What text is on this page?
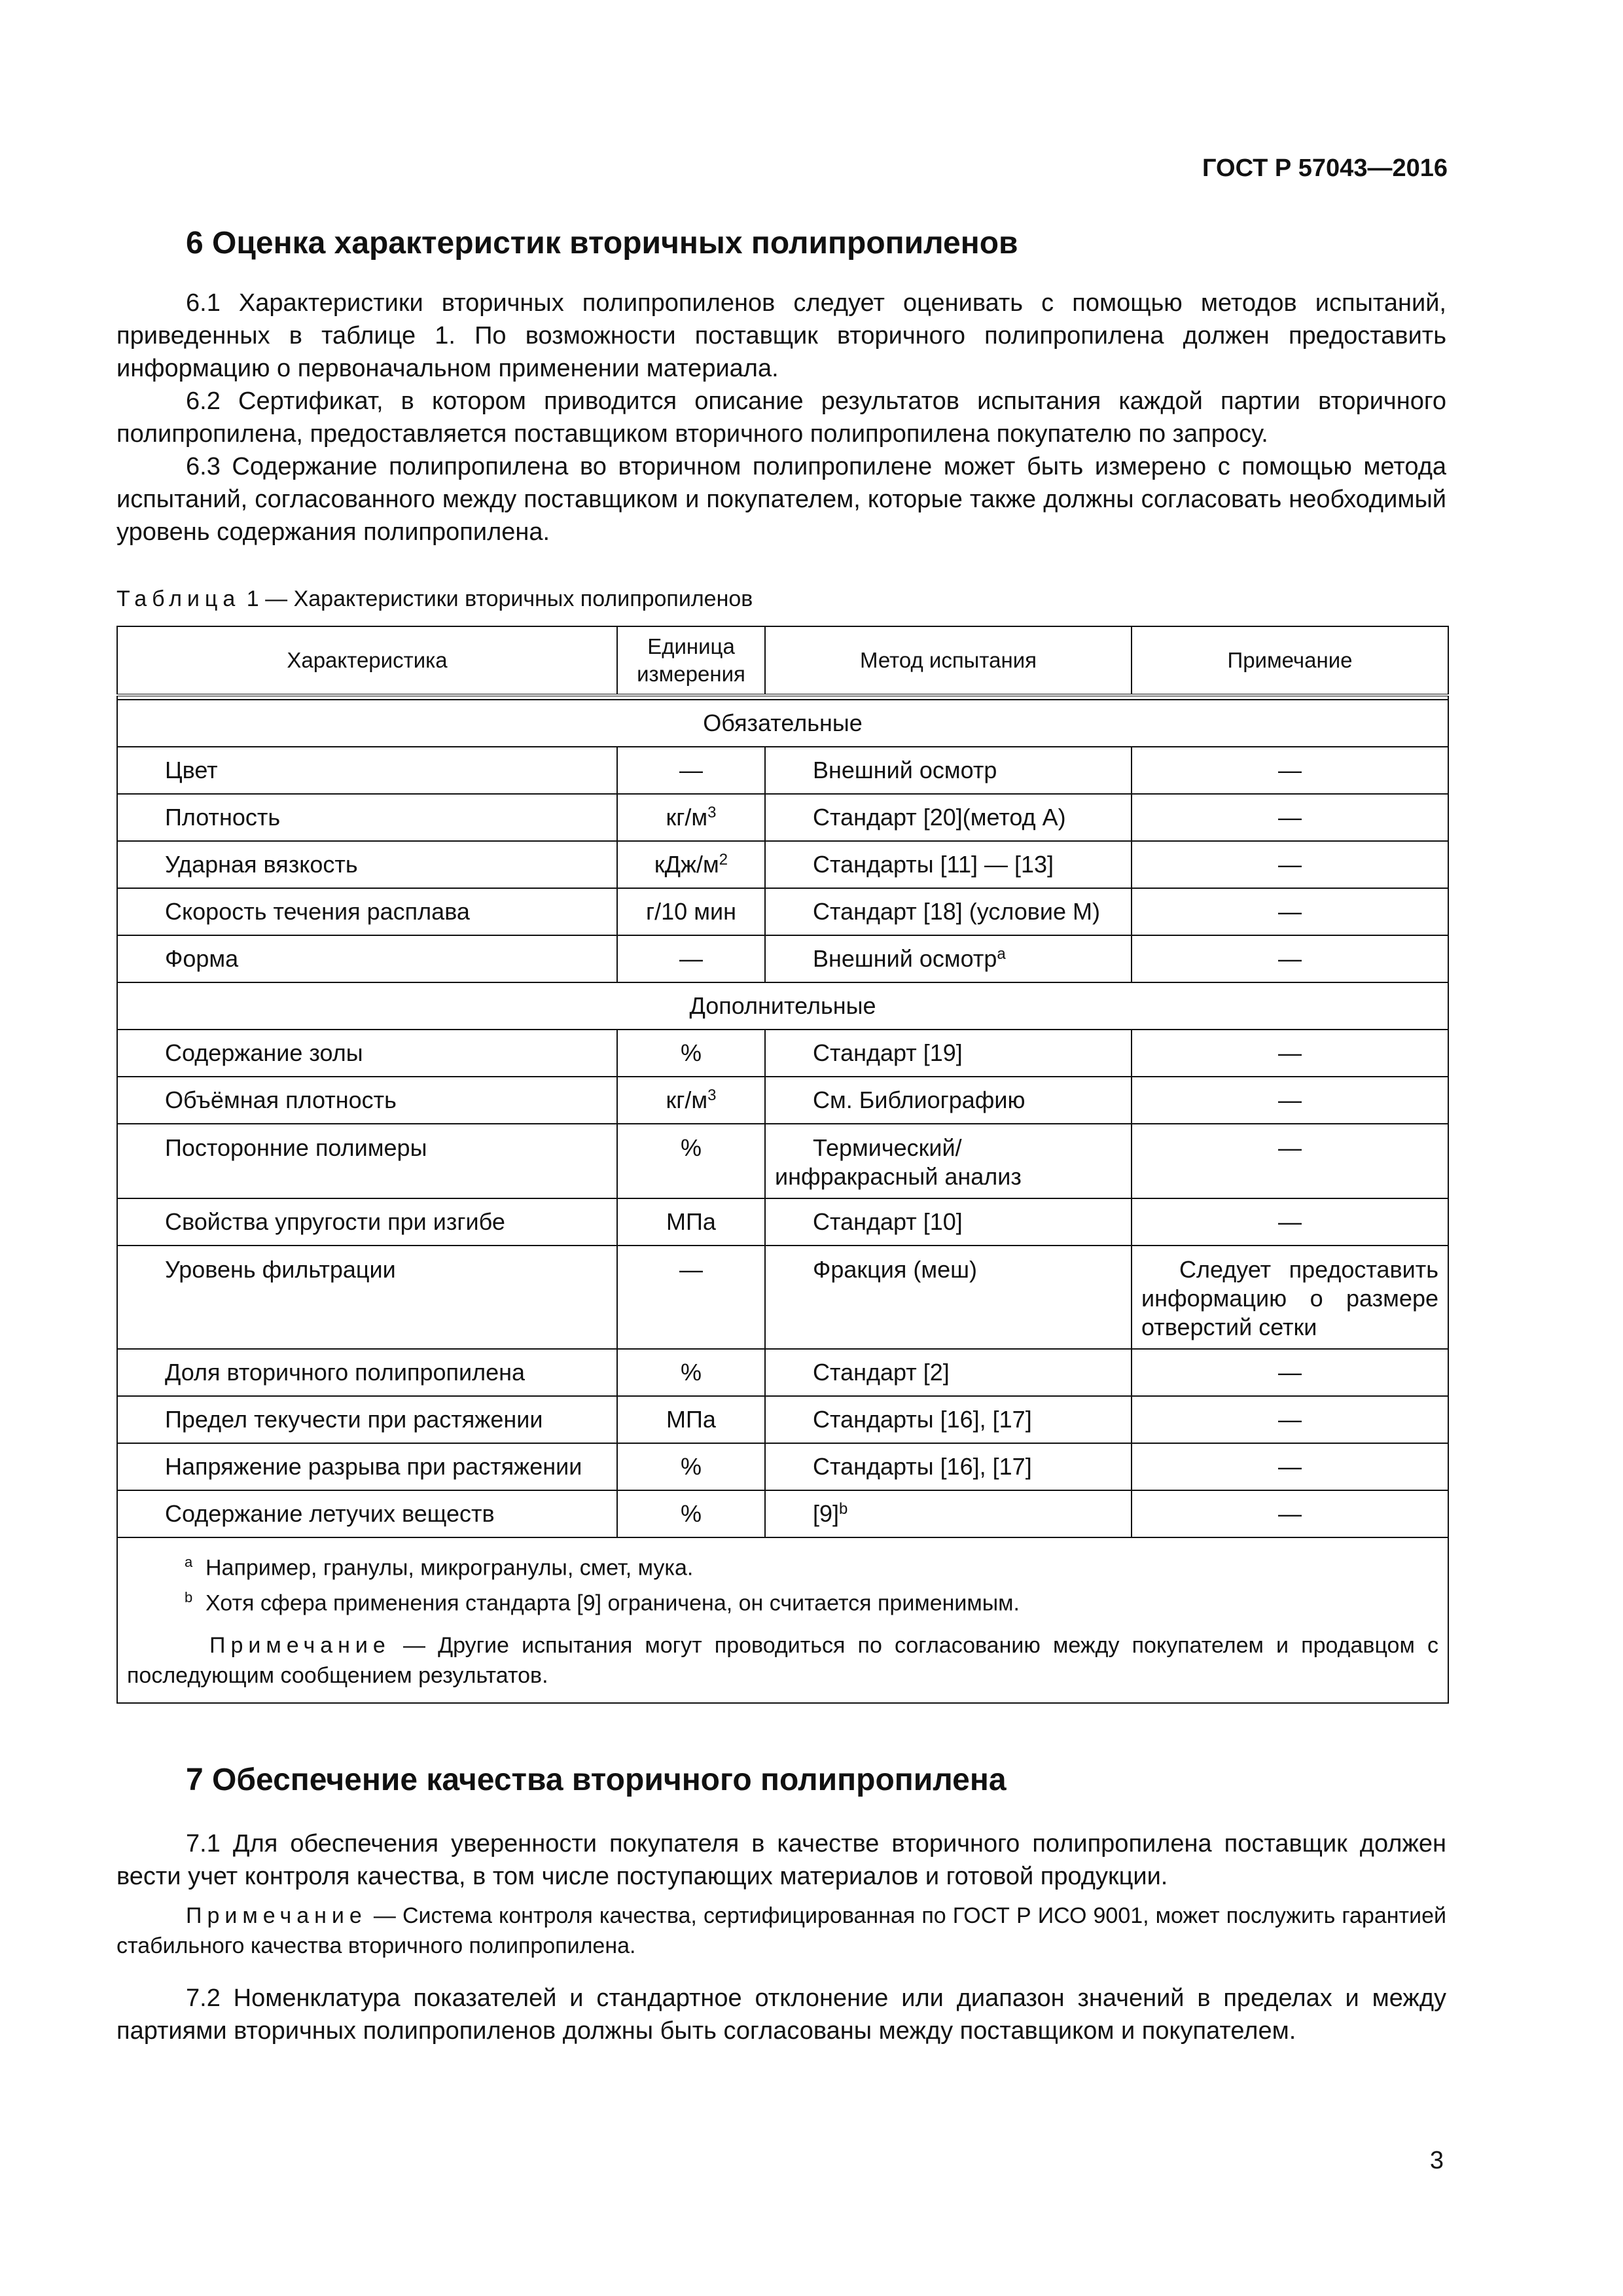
ГОСТ Р 57043—2016
6 Оценка характеристик вторичных полипропиленов

6.1 Характеристики вторичных полипропиленов следует оценивать с помощью методов испытаний, приведенных в таблице 1. По возможности поставщик вторичного полипропилена должен предоставить информацию о первоначальном применении материала.

6.2 Сертификат, в котором приводится описание результатов испытания каждой партии вторичного полипропилена, предоставляется поставщиком вторичного полипропилена покупателю по запросу.

6.3 Содержание полипропилена во вторичном полипропилене может быть измерено с помощью метода испытаний, согласованного между поставщиком и покупателем, которые также должны согласовать необходимый уровень содержания полипропилена.

Таблица 1 — Характеристики вторичных полипропиленов
Характеристика	Единица измерения	Метод испытания	Примечание

Обязательные			
Цвет	—	Внешний осмотр	—
Плотность	$кг/м^3$	Стандарт [20](метод А)	—
Ударная вязкость	кДж/$м^2$	Стандарты [11] — [13]	—
Скорость течения расплава	г/10 мин	Стандарт [18] (условие М)	—
Форма	—	Внешний осмотр$^a$	—
Дополнительные			
Содержание золы	%	Стандарт [19]	—
Объёмная плотность	$кг/м^3$	См. Библиографию	—
Посторонние полимеры	%	Термический/инфракрасный анализ	—
Свойства упругости при изгибе	МПа	Стандарт [10]	—
Уровень фильтрации	—	Фракция (меш)	Следует предоставить информацию о размере отверстий сетки
Доля вторичного полипропилена	%	Стандарт [2]	—
Предел текучести при растяжении	МПа	Стандарты [16], [17]	—
Напряжение разрыва при растяжении	%	Стандарты [16], [17]	—
Содержание летучих веществ	%	$[9]^b$	—

$^a$ Например, гранулы, микрогранулы, смет, мука.
$^b$ Хотя сфера применения стандарта [9] ограничена, он считается применимым.
Примечание — Другие испытания могут проводиться по согласованию между покупателем и продавцом с последующим сообщением результатов.			
7 Обеспечение качества вторичного полипропилена

7.1 Для обеспечения уверенности покупателя в качестве вторичного полипропилена поставщик должен вести учет контроля качества, в том числе поступающих материалов и готовой продукции.

Примечание — Система контроля качества, сертифицированная по ГОСТ Р ИСО 9001, может послужить гарантией стабильного качества вторичного полипропилена.

7.2 Номенклатура показателей и стандартное отклонение или диапазон значений в пределах и между партиями вторичных полипропиленов должны быть согласованы между поставщиком и покупателем.

3
